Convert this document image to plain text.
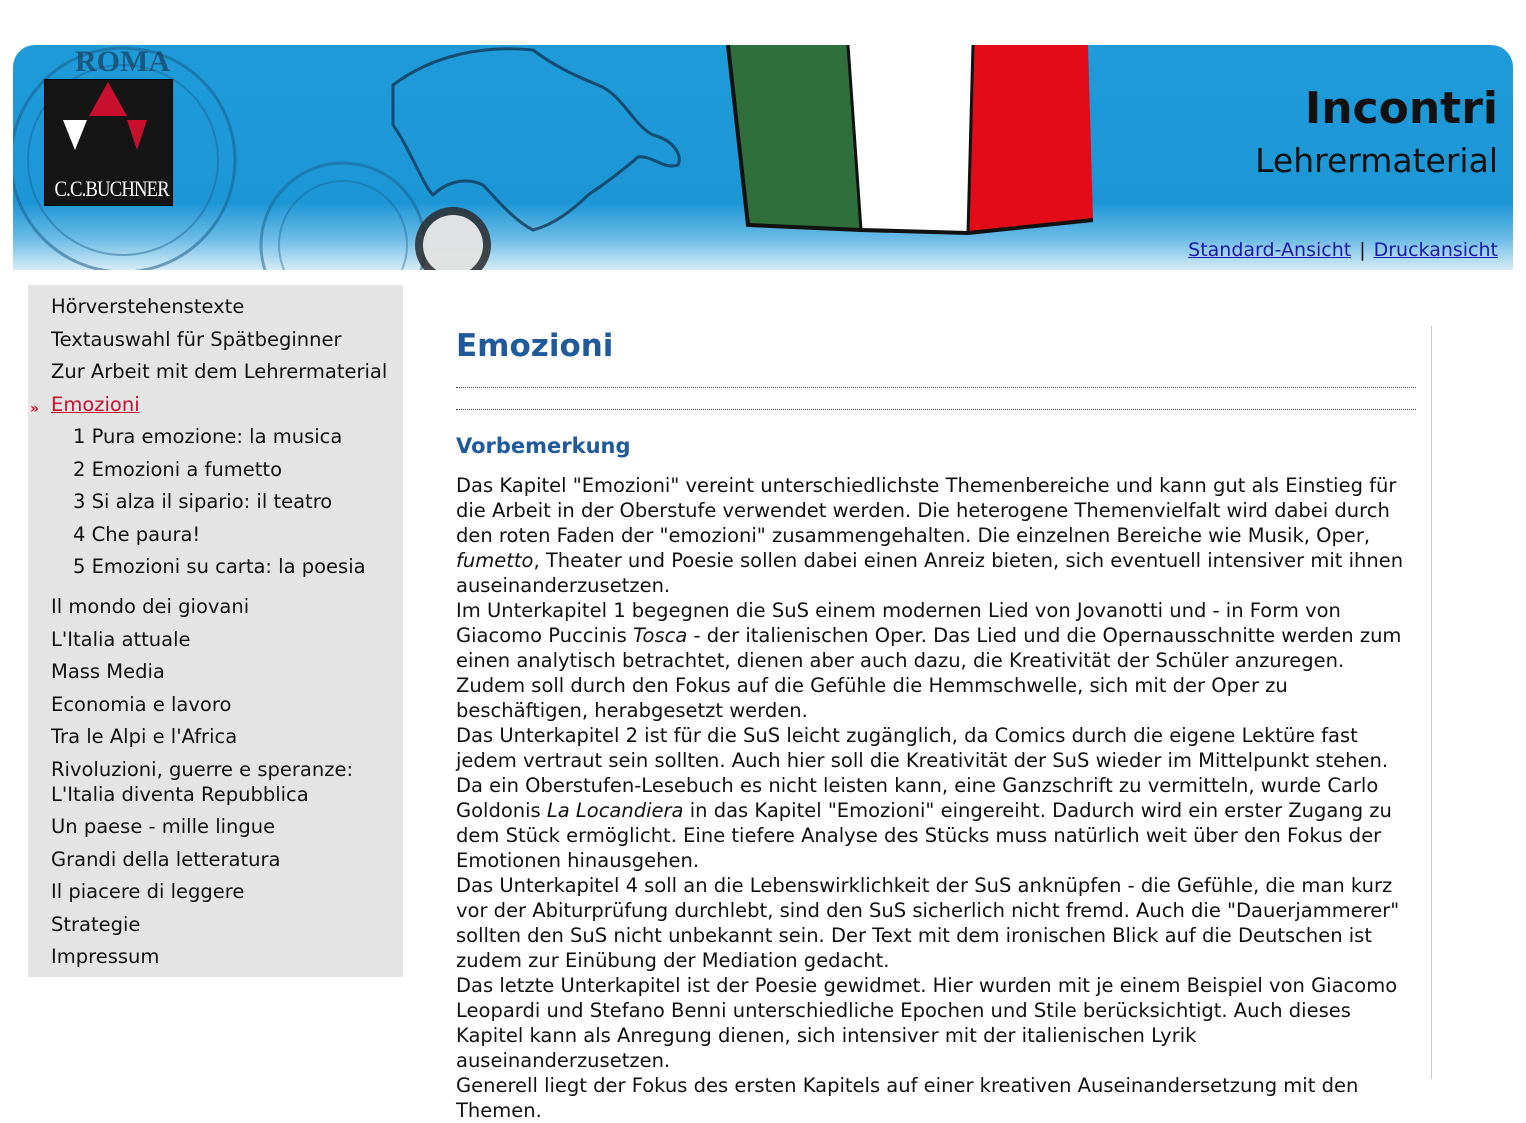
ROMA
C.C.BUCHNER
Incontri
Lehrermaterial
Standard-Ansicht | Druckansicht
»
Hörverstehenstexte
Textauswahl für Spätbeginner
Zur Arbeit mit dem Lehrermaterial
Emozioni
1 Pura emozione: la musica
2 Emozioni a fumetto
3 Si alza il sipario: il teatro
4 Che paura!
5 Emozioni su carta: la poesia
Il mondo dei giovani
L'Italia attuale
Mass Media
Economia e lavoro
Tra le Alpi e l'Africa
Rivoluzioni, guerre e speranze:
L'Italia diventa Repubblica
Un paese - mille lingue
Grandi della letteratura
Il piacere di leggere
Strategie
Impressum
Emozioni
Vorbemerkung

Das Kapitel "Emozioni" vereint unterschiedlichste Themenbereiche und kann gut als Einstieg für die Arbeit in der Oberstufe verwendet werden. Die heterogene Themenvielfalt wird dabei durch den roten Faden der "emozioni" zusammengehalten. Die einzelnen Bereiche wie Musik, Oper, fumetto, Theater und Poesie sollen dabei einen Anreiz bieten, sich eventuell intensiver mit ihnen auseinanderzusetzen.

Im Unterkapitel 1 begegnen die SuS einem modernen Lied von Jovanotti und - in Form von Giacomo Puccinis Tosca - der italienischen Oper. Das Lied und die Opernausschnitte werden zum einen analytisch betrachtet, dienen aber auch dazu, die Kreativität der Schüler anzuregen. Zudem soll durch den Fokus auf die Gefühle die Hemmschwelle, sich mit der Oper zu beschäftigen, herabgesetzt werden.

Das Unterkapitel 2 ist für die SuS leicht zugänglich, da Comics durch die eigene Lektüre fast jedem vertraut sein sollten. Auch hier soll die Kreativität der SuS wieder im Mittelpunkt stehen.

Da ein Oberstufen-Lesebuch es nicht leisten kann, eine Ganzschrift zu vermitteln, wurde Carlo Goldonis La Locandiera in das Kapitel "Emozioni" eingereiht. Dadurch wird ein erster Zugang zu dem Stück ermöglicht. Eine tiefere Analyse des Stücks muss natürlich weit über den Fokus der Emotionen hinausgehen.

Das Unterkapitel 4 soll an die Lebenswirklichkeit der SuS anknüpfen - die Gefühle, die man kurz vor der Abiturprüfung durchlebt, sind den SuS sicherlich nicht fremd. Auch die "Dauerjammerer" sollten den SuS nicht unbekannt sein. Der Text mit dem ironischen Blick auf die Deutschen ist zudem zur Einübung der Mediation gedacht.

Das letzte Unterkapitel ist der Poesie gewidmet. Hier wurden mit je einem Beispiel von Giacomo Leopardi und Stefano Benni unterschiedliche Epochen und Stile berücksichtigt. Auch dieses Kapitel kann als Anregung dienen, sich intensiver mit der italienischen Lyrik auseinanderzusetzen.

Generell liegt der Fokus des ersten Kapitels auf einer kreativen Auseinandersetzung mit den Themen.
